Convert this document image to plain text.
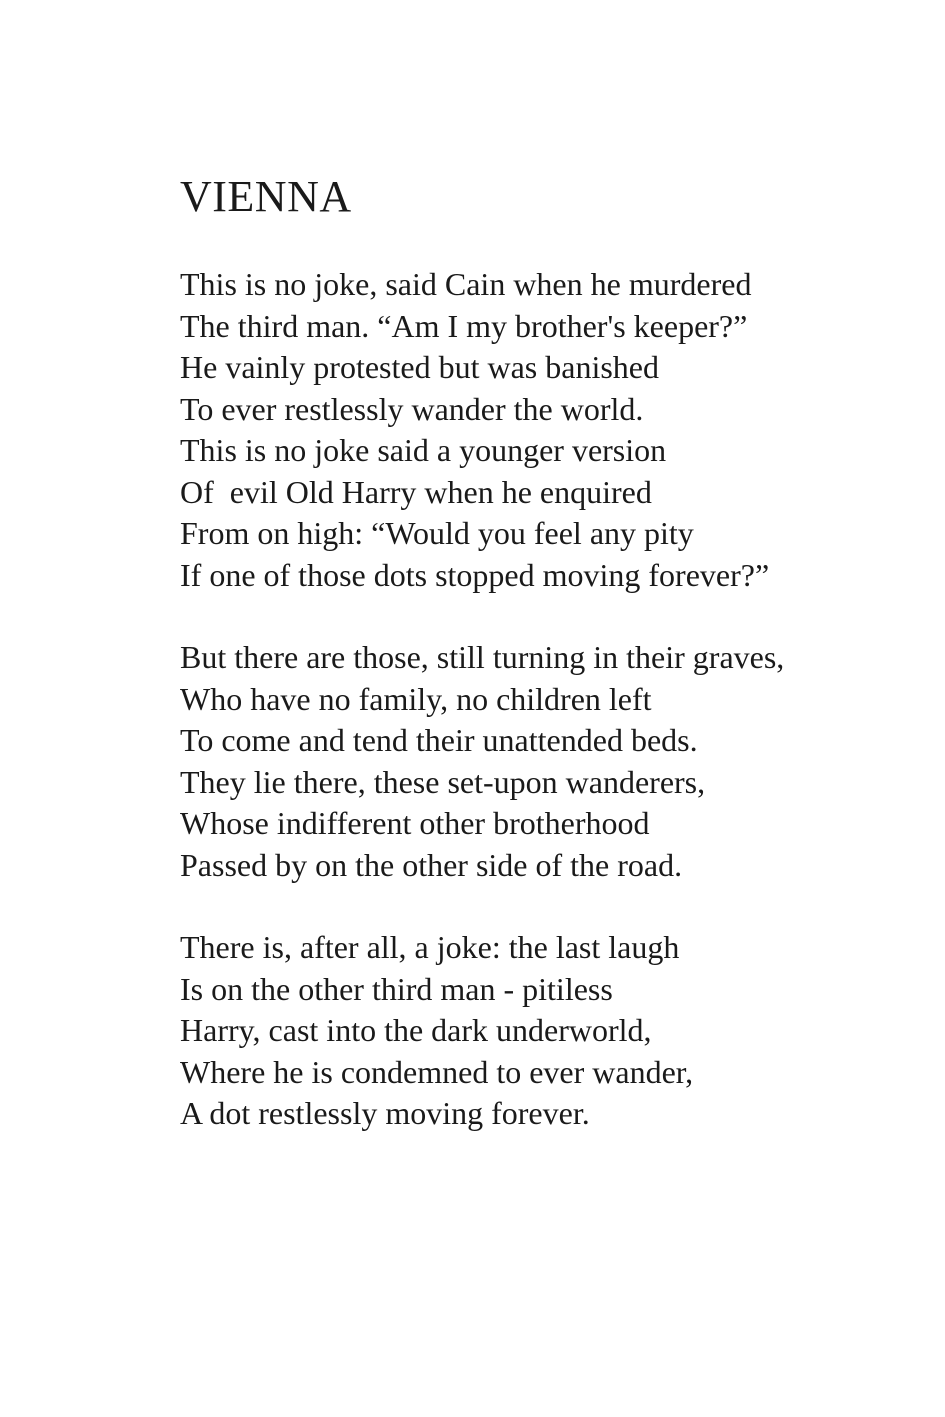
VIENNA
This is no joke, said Cain when he murdered
The third man. “Am I my brother's keeper?”
He vainly protested but was banished
To ever restlessly wander the world.
This is no joke said a younger version
Of  evil Old Harry when he enquired
From on high: “Would you feel any pity
If one of those dots stopped moving forever?”
But there are those, still turning in their graves,
Who have no family, no children left
To come and tend their unattended beds.
They lie there, these set-upon wanderers,
Whose indifferent other brotherhood
Passed by on the other side of the road.
There is, after all, a joke: the last laugh
Is on the other third man - pitiless
Harry, cast into the dark underworld,
Where he is condemned to ever wander,
A dot restlessly moving forever.
